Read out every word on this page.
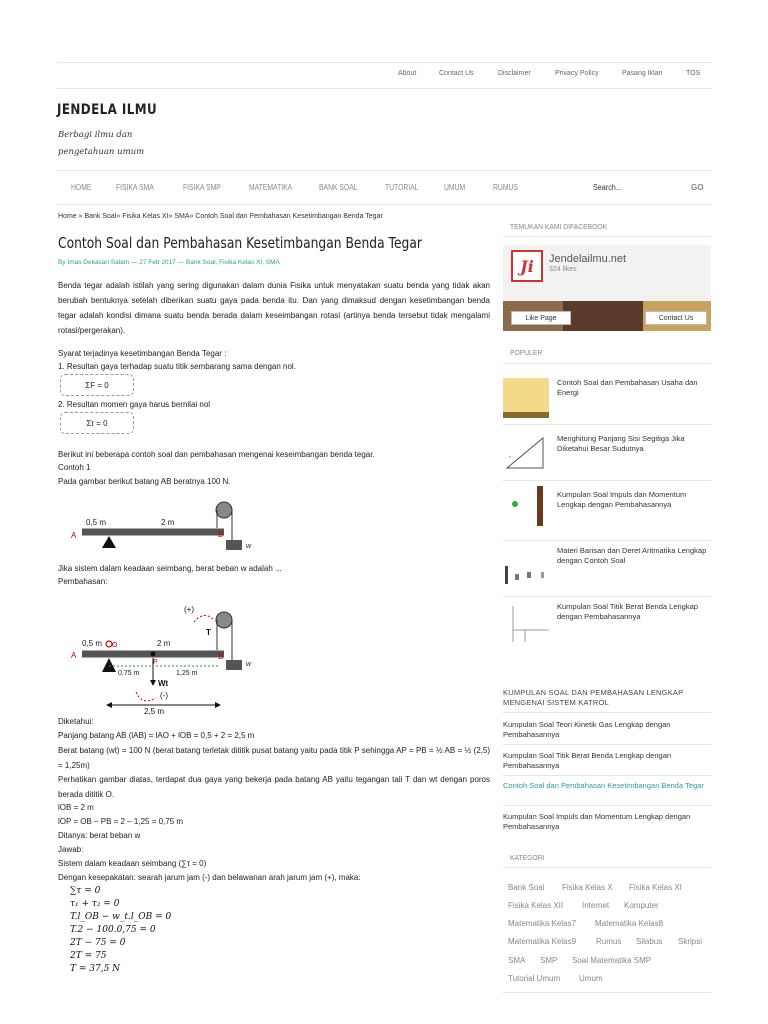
About	Contact Us	Disclaimer	Privacy Policy	Pasang Iklan	TOS
JENDELA ILMU
Berbagi ilmu dan pengetahuan umum
HOME	FISIKA SMA	FISIKA SMP	MATEMATIKA	BANK SOAL	TUTORIAL	UMUM	RUMUS	Search...	GO
Home » Bank Soal» Fisika Kelas XI» SMA» Contoh Soal dan Pembahasan Kesetimbangan Benda Tegar
Contoh Soal dan Pembahasan Kesetimbangan Benda Tegar
By Imas Dekasari Salam — 27 Feb 2017 — Bank Soal, Fisika Kelas XI, SMA
Benda tegar adalah istilah yang sering digunakan dalam dunia Fisika untuk menyatakan suatu benda yang tidak akan berubah bentuknya setelah diberikan suatu gaya pada benda itu. Dan yang dimaksud dengan kesetimbangan benda tegar adalah kondisi dimana suatu benda berada dalam keseimbangan rotasi (artinya benda tersebut tidak mengalami rotasi/pergerakan).
Syarat terjadinya kesetimbangan Benda Tegar :
1. Resultan gaya terhadap suatu titik sembarang sama dengan nol.
ΣF = 0
2. Resultan momen gaya harus bernilai nol
Στ = 0
Berikut ini beberapa contoh soal dan pembahasan mengenai keseimbangan benda tegar.
Contoh 1
Pada gambar berikut batang AB beratnya 100 N.
A	B
0,5 m	2 m
w
Jika sistem dalam keadaan seimbang, berat beban w adalah ...
Pembahasan:
(+)
T
A	B
0,5 m	2 m
P
0,75 m	1,25 m
Wt
(-)
2,5 m
w
O
Diketahui:
Panjang batang AB (lAB) = lAO + lOB = 0,5 + 2 = 2,5 m
Berat batang (wt) = 100 N (berat batang terletak dititik pusat batang yaitu pada titik P sehingga AP = PB = ½ AB = ½ (2,5) = 1,25m)
Perhatikan gambar diatas, terdapat dua gaya yang bekerja pada batang AB yaitu tegangan tali T dan wt dengan poros berada dititik O.
lOB = 2 m
lOP = OB – PB = 2 – 1,25 = 0,75 m
Ditanya: berat beban w
Jawab:
Sistem dalam keadaan seimbang (∑τ = 0)
Dengan kesepakatan: searah jarum jam (-) dan belawanan arah jarum jam (+), maka:
∑τ = 0
τ₁ + τ₂ = 0
T.l_OB − w_t.l_OB = 0
T.2 − 100.0,75 = 0
2T − 75 = 0
2T = 75
T = 37,5 N
TEMUKAN KAMI DIFACEBOOK
Ji	Jendelailmu.net
324 likes
Like Page	Contact Us
POPULER
Contoh Soal dan Pembahasan Usaha dan Energi
c
Menghitung Panjang Sisi Segitiga Jika Diketahui Besar Sudutnya
Kumpulan Soal Impuls dan Momentum Lengkap dengan Pembahasannya
Materi Barisan dan Deret Aritmatika Lengkap dengan Contoh Soal
Kumpulan Soal Titik Berat Benda Lengkap dengan Pembahasannya
KUMPULAN SOAL DAN PEMBAHASAN LENGKAP MENGENAI SISTEM KATROL
Kumpulan Soal Teori Kinetik Gas Lengkap dengan Pembahasannya
Kumpulan Soal Titik Berat Benda Lengkap dengan Pembahasannya
Contoh Soal dan Pembahasan Kesetimbangan Benda Tegar
Kumpulan Soal Impuls dan Momentum Lengkap dengan Pembahasannya
KATEGORI
Bank Soal Fisika Kelas X Fisika Kelas XI
Fisika Kelas XII Internet Komputer
Matematika Kelas7 Matematika Kelas8
Matematika Kelas9 Rumus Silabus Skripsi
SMA SMP Soal Matematika SMP
Tutorial Umum Umum
